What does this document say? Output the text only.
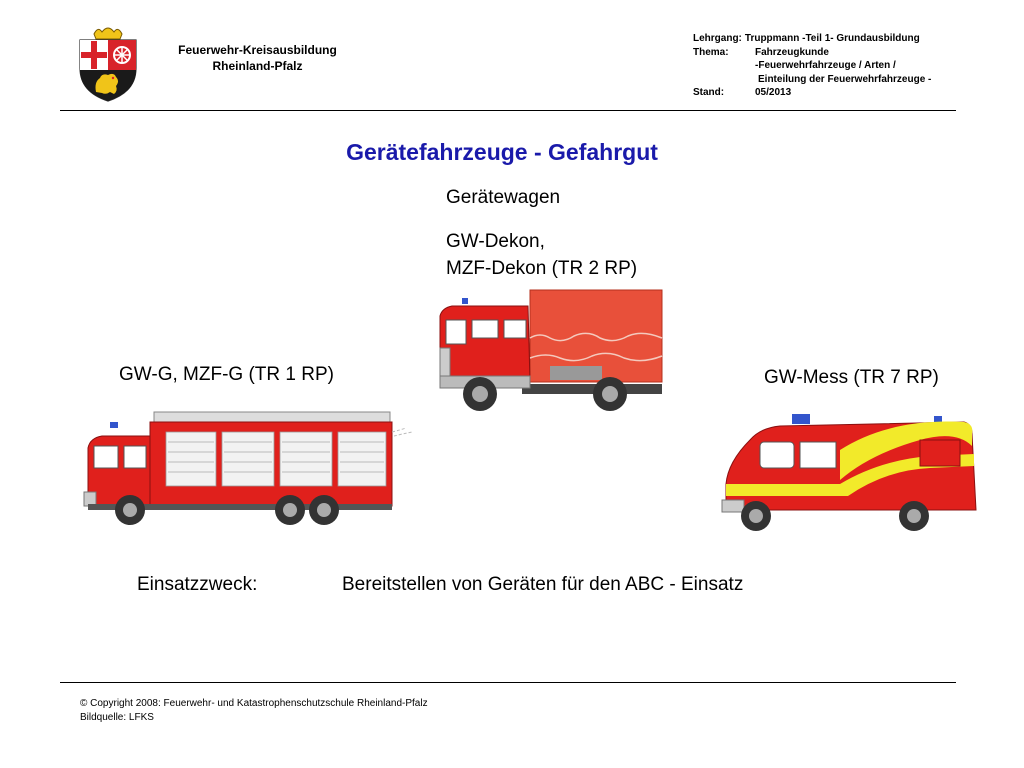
Feuerwehr-Kreisausbildung
Rheinland-Pfalz
Lehrgang: Truppmann -Teil 1- Grundausbildung
Thema:	Fahrzeugkunde
-Feuerwehrfahrzeuge / Arten /
Einteilung der Feuerwehrfahrzeuge -
Stand:	05/2013
Gerätefahrzeuge - Gefahrgut
Gerätewagen
GW-Dekon,
MZF-Dekon (TR 2 RP)
GW-G, MZF-G (TR 1 RP)	GW-Mess (TR 7 RP)
Einsatzzweck:	Bereitstellen von Geräten für den ABC - Einsatz
© Copyright 2008: Feuerwehr- und Katastrophenschutzschule Rheinland-Pfalz
Bildquelle: LFKS
